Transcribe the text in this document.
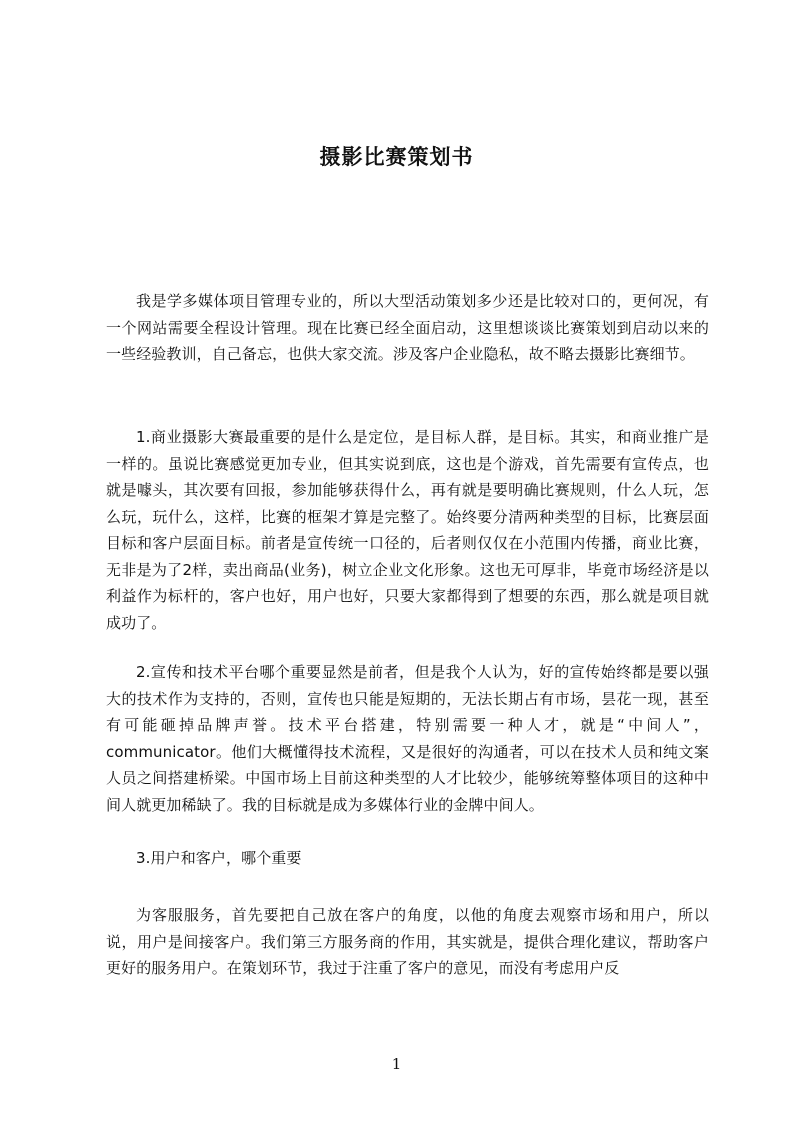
摄影比赛策划书

我是学多媒体项目管理专业的，所以大型活动策划多少还是比较对口的，更何况，有一个网站需要全程设计管理。现在比赛已经全面启动，这里想谈谈比赛策划到启动以来的一些经验教训，自己备忘，也供大家交流。涉及客户企业隐私，故不略去摄影比赛细节。

1.商业摄影大赛最重要的是什么是定位，是目标人群，是目标。其实，和商业推广是一样的。虽说比赛感觉更加专业，但其实说到底，这也是个游戏，首先需要有宣传点，也就是噱头，其次要有回报，参加能够获得什么，再有就是要明确比赛规则，什么人玩，怎么玩，玩什么，这样，比赛的框架才算是完整了。始终要分清两种类型的目标，比赛层面目标和客户层面目标。前者是宣传统一口径的，后者则仅仅在小范围内传播，商业比赛，无非是为了2样，卖出商品(业务)，树立企业文化形象。这也无可厚非，毕竟市场经济是以利益作为标杆的，客户也好，用户也好，只要大家都得到了想要的东西，那么就是项目就成功了。

2.宣传和技术平台哪个重要显然是前者，但是我个人认为，好的宣传始终都是要以强大的技术作为支持的，否则，宣传也只能是短期的，无法长期占有市场，昙花一现，甚至有可能砸掉品牌声誉。技术平台搭建，特别需要一种人才，就是“中间人”，communicator。他们大概懂得技术流程，又是很好的沟通者，可以在技术人员和纯文案人员之间搭建桥梁。中国市场上目前这种类型的人才比较少，能够统筹整体项目的这种中间人就更加稀缺了。我的目标就是成为多媒体行业的金牌中间人。

3.用户和客户，哪个重要

为客服服务，首先要把自己放在客户的角度，以他的角度去观察市场和用户，所以说，用户是间接客户。我们第三方服务商的作用，其实就是，提供合理化建议，帮助客户更好的服务用户。在策划环节，我过于注重了客户的意见，而没有考虑用户反

1
